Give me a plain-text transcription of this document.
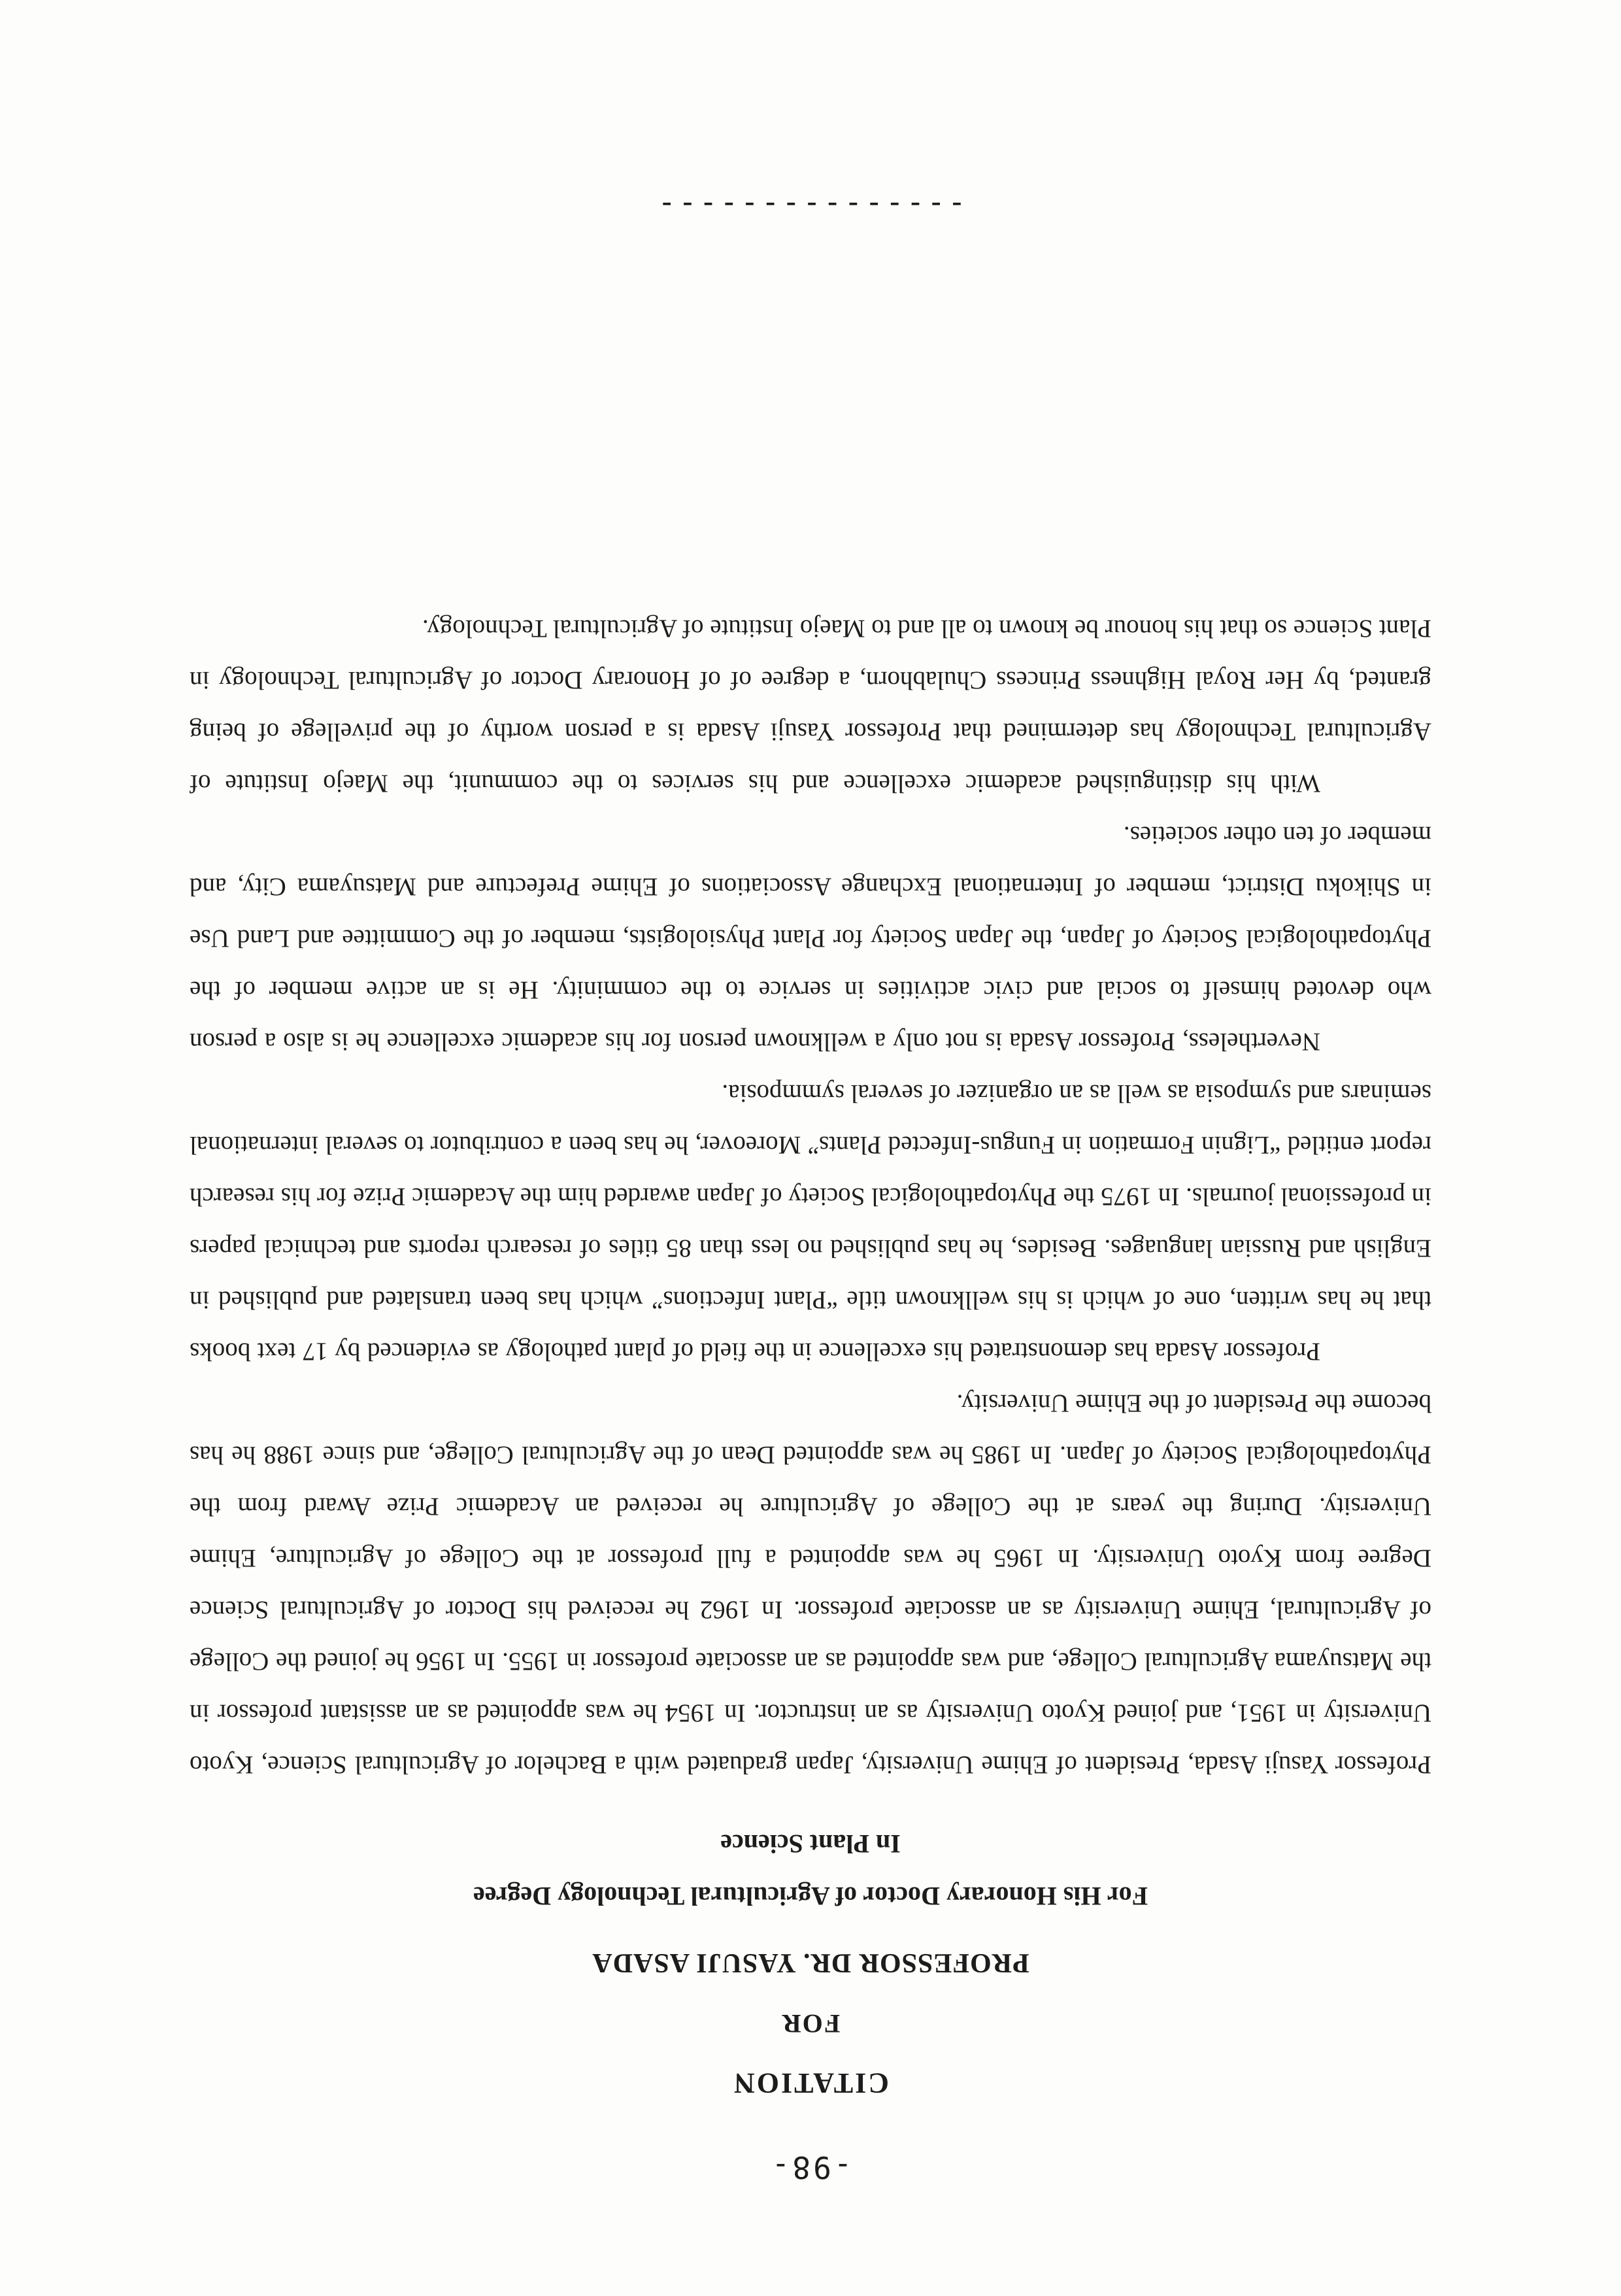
-98-
CITATION
FOR
PROFESSOR DR. YASUJI ASADA
For His Honorary Doctor of Agricultural Technology Degree
In Plant Science

Professor Yasuji Asada, President of Ehime University, Japan graduated with a Bachelor of Agricultural Science, Kyoto University in 1951, and joined Kyoto University as an instructor. In 1954 he was appointed as an assistant professor in the Matsuyama Agricultural College, and was appointed as an associate professor in 1955. In 1956 he joined the College of Agricultural, Ehime University as an associate professor. In 1962 he received his Doctor of Agricultural Science Degree from Kyoto University. In 1965 he was appointed a full professor at the College of Agriculture, Ehime University. During the years at the College of Agriculture he received an Academic Prize Award from the Phytopathological Society of Japan. In 1985 he was appointed Dean of the Agricultural College, and since 1988 he has become the President of the Ehime University.

Professor Asada has demonstrated his excellence in the field of plant pathology as evidenced by 17 text books that he has written, one of which is his wellknown title “Plant Infections” which has been translated and published in English and Russian languages. Besides, he has published no less than 85 titles of research reports and technical papers in professional journals. In 1975 the Phytopathological Society of Japan awarded him the Academic Prize for his research report entitled “Lignin Formation in Fungus-Infected Plants” Moreover, he has been a contributor to several international seminars and symposia as well as an organizer of several symmposia.

Nevertheless, Professor Asada is not only a wellknown person for his academic excellence he is also a person who devoted himself to social and civic activities in service to the comminity. He is an active member of the Phytopathological Society of Japan, the Japan Society for Plant Physiologists, member of the Committee and Land Use in Shikoku District, member of International Exchange Associations of Ehime Prefecture and Matsuyama City, and member of ten other societies.

With his distinguished academic excellence and his services to the communit, the Maejo Institute of Agricultural Technology has determined that Professor Yasuji Asada is a person worthy of the privellege of being granted, by Her Royal Highness Princess Chulabhorn, a degree of of Honorary Doctor of Agricultural Technology in Plant Science so that his honour be known to all and to Maejo Institute of Agricultural Technology.

---------------
